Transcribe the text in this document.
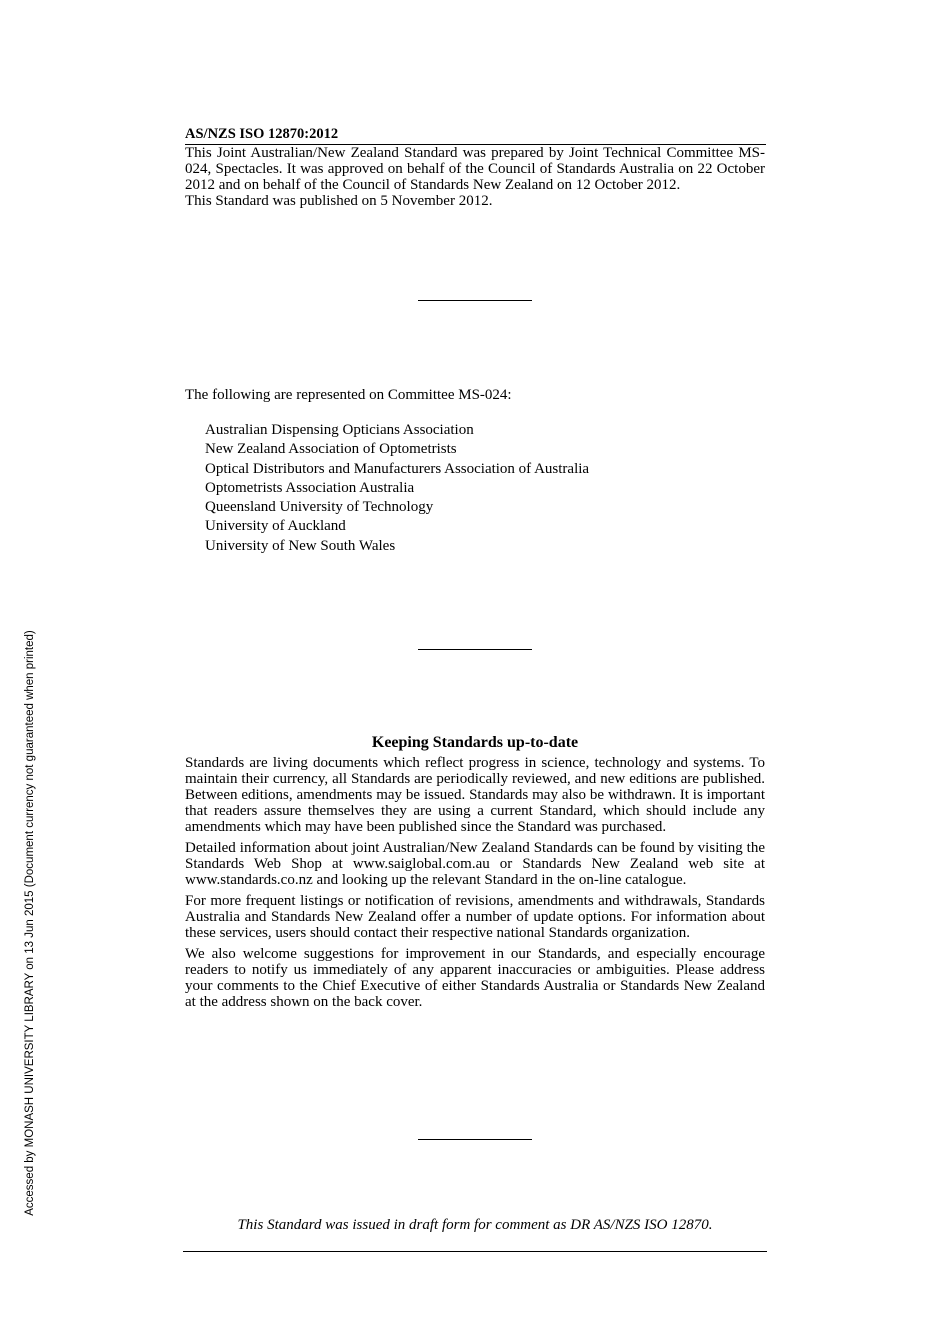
Accessed by MONASH UNIVERSITY LIBRARY on 13 Jun 2015 (Document currency not guaranteed when printed)

AS/NZS ISO 12870:2012

This Joint Australian/New Zealand Standard was prepared by Joint Technical Committee MS-024, Spectacles. It was approved on behalf of the Council of Standards Australia on 22 October 2012 and on behalf of the Council of Standards New Zealand on 12 October 2012.

This Standard was published on 5 November 2012.

The following are represented on Committee MS-024:

Australian Dispensing Opticians Association
New Zealand Association of Optometrists
Optical Distributors and Manufacturers Association of Australia
Optometrists Association Australia
Queensland University of Technology
University of Auckland
University of New South Wales
Keeping Standards up-to-date

Standards are living documents which reflect progress in science, technology and systems. To maintain their currency, all Standards are periodically reviewed, and new editions are published. Between editions, amendments may be issued. Standards may also be withdrawn. It is important that readers assure themselves they are using a current Standard, which should include any amendments which may have been published since the Standard was purchased.

Detailed information about joint Australian/New Zealand Standards can be found by visiting the Standards Web Shop at www.saiglobal.com.au or Standards New Zealand web site at www.standards.co.nz and looking up the relevant Standard in the on-line catalogue.

For more frequent listings or notification of revisions, amendments and withdrawals, Standards Australia and Standards New Zealand offer a number of update options. For information about these services, users should contact their respective national Standards organization.

We also welcome suggestions for improvement in our Standards, and especially encourage readers to notify us immediately of any apparent inaccuracies or ambiguities. Please address your comments to the Chief Executive of either Standards Australia or Standards New Zealand at the address shown on the back cover.

This Standard was issued in draft form for comment as DR AS/NZS ISO 12870.
